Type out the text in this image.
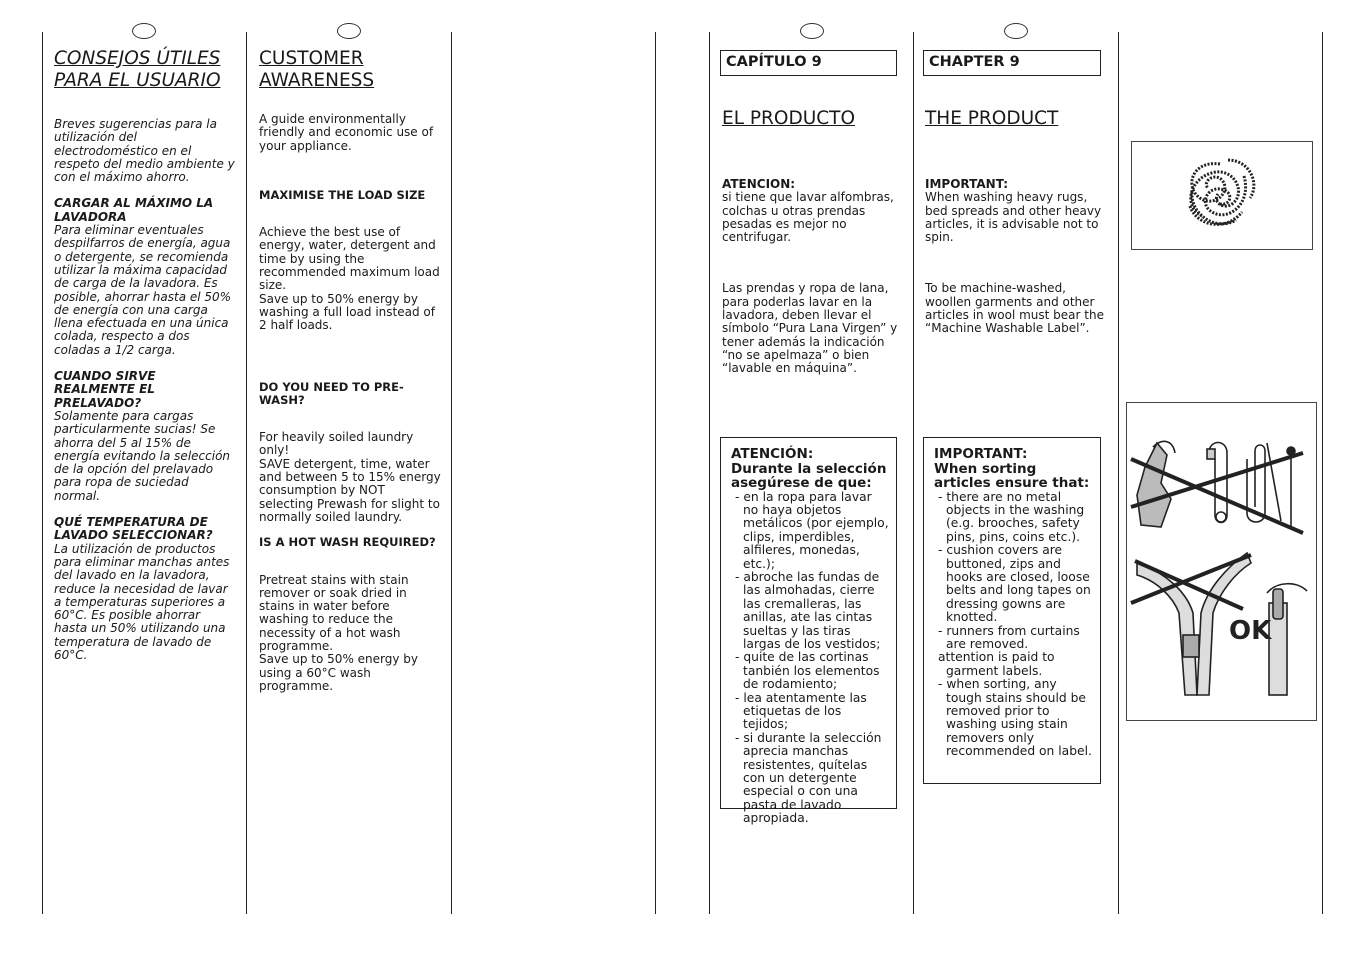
CONSEJOS ÚTILES PARA EL USUARIO

Breves sugerencias para la utilización del electrodoméstico en el respeto del medio ambiente y con el máximo ahorro.

CARGAR AL MÁXIMO LA LAVADORA

Para eliminar eventuales despilfarros de energía, agua o detergente, se recomienda utilizar la máxima capacidad de carga de la lavadora. Es posible, ahorrar hasta el 50% de energía con una carga llena efectuada en una única colada, respecto a dos coladas a 1/2 carga.

CUANDO SIRVE REALMENTE EL PRELAVADO?

Solamente para cargas particularmente sucias! Se ahorra del 5 al 15% de energía evitando la selección de la opción del prelavado para ropa de suciedad normal.

QUÉ TEMPERATURA DE LAVADO SELECCIONAR?

La utilización de productos para eliminar manchas antes del lavado en la lavadora, reduce la necesidad de lavar a temperaturas superiores a 60°C. Es posible ahorrar hasta un 50% utilizando una temperatura de lavado de 60°C.

CUSTOMER AWARENESS

A guide environmentally friendly and economic use of your appliance.

MAXIMISE THE LOAD SIZE

Achieve the best use of energy, water, detergent and time by using the recommended maximum load size.

Save up to 50% energy by washing a full load instead of 2 half loads.

DO YOU NEED TO PRE-WASH?

For heavily soiled laundry only!

SAVE detergent, time, water and between 5 to 15% energy consumption by NOT selecting Prewash for slight to normally soiled laundry.

IS A HOT WASH REQUIRED?

Pretreat stains with stain remover or soak dried in stains in water before washing to reduce the necessity of a hot wash programme.

Save up to 50% energy by using a 60°C wash programme.

CAPÍTULO 9
EL PRODUCTO

ATENCION:

si tiene que lavar alfombras, colchas u otras prendas pesadas es mejor no centrifugar.

Las prendas y ropa de lana, para poderlas lavar en la lavadora, deben llevar el símbolo “Pura Lana Virgen” y tener además la indicación “no se apelmaza” o bien “lavable en máquina”.

ATENCIÓN:
Durante la selección asegúrese de que:
- en la ropa para lavar no haya objetos metálicos (por ejemplo, clips, imperdibles, alfileres, monedas, etc.);
- abroche las fundas de las almohadas, cierre las cremalleras, las anillas, ate las cintas sueltas y las tiras largas de los vestidos;
- quite de las cortinas tanbién los elementos de rodamiento;
- lea atentamente las etiquetas de los tejidos;
- si durante la selección aprecia manchas resistentes, quítelas con un detergente especial o con una pasta de lavado apropiada.
CHAPTER 9
THE PRODUCT

IMPORTANT:

When washing heavy rugs, bed spreads and other heavy articles, it is advisable not to spin.

To be machine-washed, woollen garments and other articles in wool must bear the “Machine Washable Label”.

IMPORTANT:
When sorting articles ensure that:
- there are no metal objects in the washing (e.g. brooches, safety pins, pins, coins etc.).
- cushion covers are buttoned, zips and hooks are closed, loose belts and long tapes on dressing gowns are knotted.
- runners from curtains are removed.
attention is paid to garment labels.
- when sorting, any tough stains should be removed prior to washing using stain removers only recommended on label.
OK
